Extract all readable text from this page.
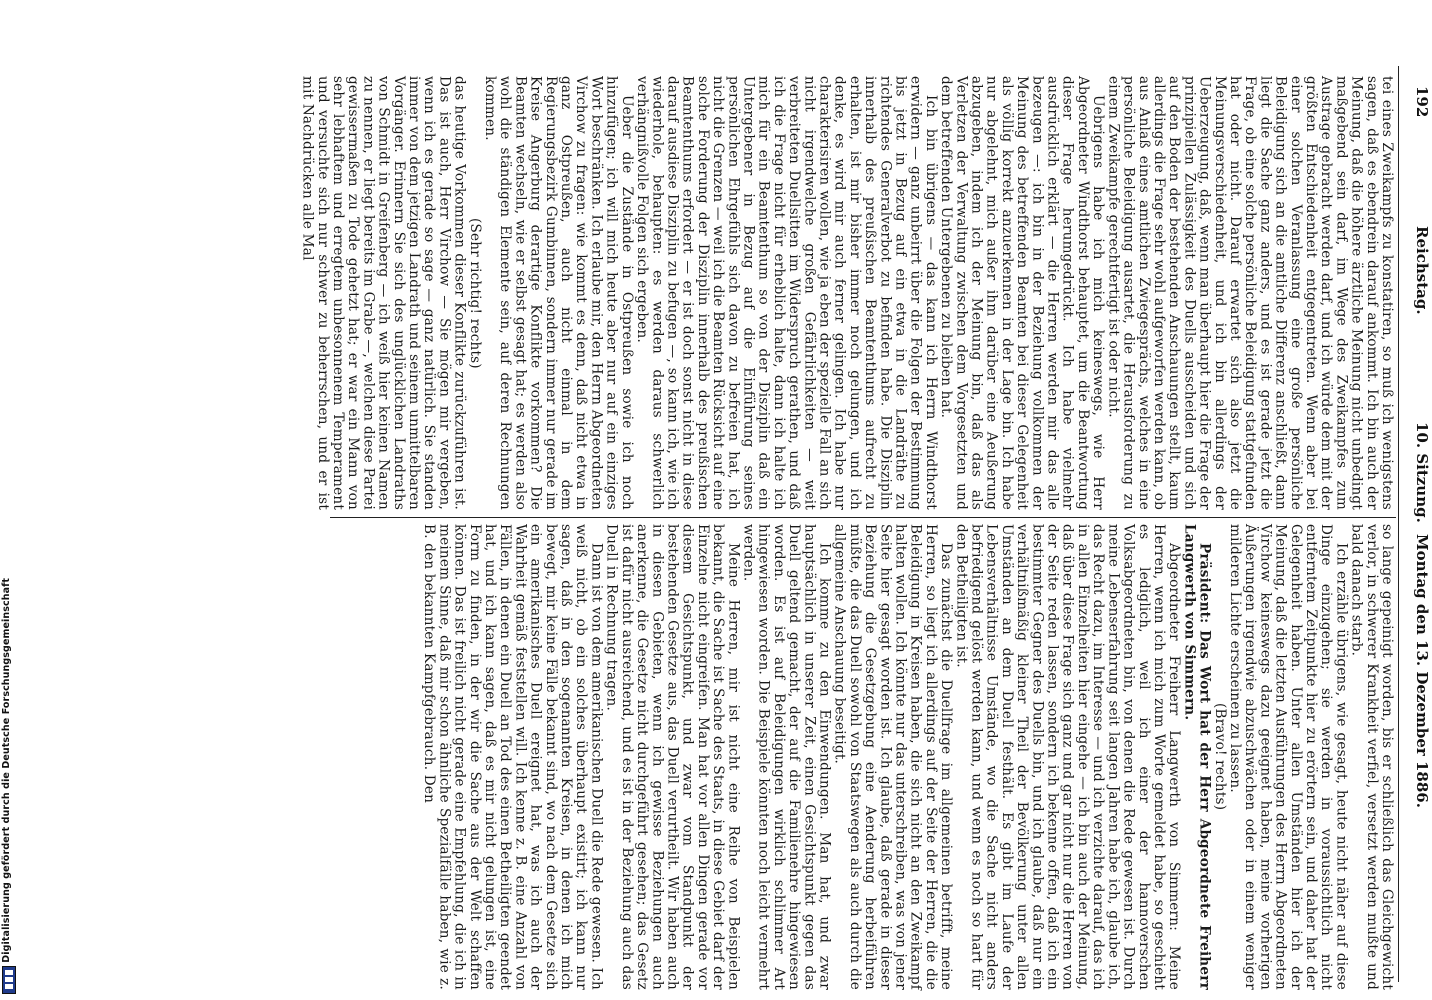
192
Reichstag.
10. Sitzung.
Montag den 13. Dezember 1886.

tei eines Zweikampfs zu konstatiren, so muß ich wenigstens sagen, daß es ebendrein darauf ankommt. Ich bin auch der Meinung, daß die höhere ärztliche Meinung nicht unbedingt maßgebend sein darf, im Wege des Zweikampfes zum Austrage gebracht werden darf, und ich würde dem mit der größten Entschiedenheit entgegentreten. Wenn aber bei einer solchen Veranlassung eine große persönliche Beleidigung sich an die amtliche Differenz anschließt, dann liegt die Sache ganz anders, und es ist gerade jetzt die Frage, ob eine solche persönliche Beleidigung stattgefunden hat oder nicht. Darauf erwartet sich also jetzt die Meinungsverschiedenheit, und ich bin allerdings der Ueberzeugung, daß, wenn man überhaupt hier die Frage der prinzipiellen Zulässigkeit des Duells ausscheiden und sich auf den Boden der bestehenden Anschauungen stellt, kaum allerdings die Frage sehr wohl aufgeworfen werden kann, ob aus Anlaß eines amtlichen Zwiegesprächs, welches in eine persönliche Beleidigung ausartet, die Herausforderung zu einem Zweikampfe gerechtfertigt ist oder nicht.

Uebrigens habe ich mich keineswegs, wie Herr Abgeordneter Windthorst behauptet, um die Beantwortung dieser Frage herumgedrückt. Ich habe vielmehr ausdrücklich erklärt — die Herren werden mir das alle bezeugen —: ich bin in der Beziehung vollkommen der Meinung des betreffenden Beamten bei dieser Gelegenheit als völlig korrekt anzuerkennen in der Lage bin. Ich habe nur abgelehnt, mich außer ihm darüber eine Aeußerung abzugeben, indem ich der Meinung bin, daß das als Verletzen der Verwaltung zwischen dem Vorgesetzten und dem betreffenden Untergebenen zu bleiben hat.

Ich bin übrigens — das kann ich Herrn Windthorst erwidern — ganz unbeirrt über die Folgen der Bestimmung bis jetzt in Bezug auf ein etwa in die Landräthe zu richtendes Generalverbot zu befinden habe. Die Disziplin innerhalb des preußischen Beamtenthums aufrecht zu erhalten, ist mir bisher immer noch gelungen, und ich denke, es wird mir auch ferner gelingen. Ich habe nur charakterisiren wollen, wie ja eben der spezielle Fall an sich nicht irgendwelche großen Gefährlichkeiten — weit verbreiteten Duellsitten im Widerspruch gerathen, und daß ich die Frage nicht für erheblich halte, dann ich halte ich mich für ein Beamtenthum so von der Disziplin daß ein Untergebener in Bezug auf die Einführung seines persönlichen Ehrgefühls sich davon zu befreien hat, ich nicht die Grenzen — weil ich die Beamten Rücksicht auf eine solche Forderung der Disziplin innerhalb des preußischen Beamtenthums erfordert — er ist doch sonst nicht in diese darauf ausdiese Disziplin zu befugen —, so kann ich, wie ich wiederhole, behaupten: es werden daraus schwerlich verhängnißvolle Folgen sich ergeben.

Ueber die Zustände in Ostpreußen sowie ich noch hinzufügen; ich will mich heute aber nur auf ein einziges Wort beschränken. Ich erlaube mir, den Herrn Abgeordneten Virchow zu fragen: wie kommt es denn, daß nicht etwa in ganz Ostpreußen, auch nicht einmal in dem Regierungsbezirk Gumbinnen, sondern immer nur gerade im Kreise Angerburg derartige Konflikte vorkommen? Die Beamten wechseln, wie er selbst gesagt hat; es werden also wohl die ständigen Elemente sein, auf deren Rechnungen kommen.

(Sehr richtig! rechts)

das heutige Vorkommen dieser Konflikte zurückzuführen ist. Das ist auch, Herr Virchow — Sie mögen mir vergeben, wenn ich es gerade so sage — ganz natürlich. Sie standen immer von dem jetzigen Landrath und seinem unmittelbaren Vorgänger. Erinnern Sie sich des unglücklichen Landraths von Schmidt in Greifenberg — ich weiß hier keinen Namen zu nennen, er liegt bereits im Grabe —, welchen diese Partei gewissermaßen zu Tode gehetzt hat; er war ein Mann von sehr lebhaftem und erregtem unbesonnenem Temperament und versuchte sich nur schwer zu beherrschen, und er ist mit Nachdrücken alle Mal

so lange gepeinigt worden, bis er schließlich das Gleichgewicht verlor, in schwerer Krankheit verfiel, versetzt werden mußte und bald danach starb.

Ich erzähle übrigens, wie gesagt, heute nicht näher auf diese Dinge einzugehen; sie werden in voraussichtlich nicht entferntem Zeitpunkte hier zu erörtern sein, und daher hat der Gelegenheit haben. Unter allen Umständen hier ich der Meinung, daß die letzten Ausführungen des Herrn Abgeordneten Virchow keineswegs dazu geeignet haben, meine vorherigen Äußerungen irgendwie abzuschwächen oder in einem weniger milderen Lichte erscheinen zu lassen.

(Bravo! rechts)

Präsident: Das Wort hat der Herr Abgeordnete Freiherr Langwerth von Simmern.

Abgeordneter Freiherr Langwerth von Simmern: Meine Herren, wenn ich mich zum Worte gemeldet habe, so geschieht es lediglich, weil ich einer der hannoverschen Volksabgeordneten bin, von denen die Rede gewesen ist. Durch meine Lebenserfahrung seit langen Jahren habe ich, glaube ich, das Recht dazu, im Interesse — und ich verzichte darauf, das ich in allen Einzelheiten hier eingehe — ich bin auch der Meinung, daß über diese Frage sich ganz und gar nicht nur die Herren von der Seite reden lassen, sondern ich bekenne offen, daß ich ein bestimmter Gegner des Duells bin, und ich glaube, daß nur ein verhältnißmäßig kleiner Theil der Bevölkerung unter allen Umständen an dem Duell festhält. Es gibt im Laufe der Lebensverhältnisse Umstände, wo die Sache nicht anders befriedigend gelöst werden kann, und wenn es noch so hart für den Betheiligten ist.

Das zunächst die Duellfrage im allgemeinen betrifft, meine Herren, so liegt ich allerdings auf der Seite der Herren, die die Beleidigung in Kreisen haben, die sich nicht an den Zweikampf halten wollen. Ich könnte nur das unterschreiben, was von jener Seite hier gesagt worden ist. Ich glaube, daß gerade in dieser Beziehung die Gesetzgebung eine Aenderung herbeiführen müßte, die das Duell sowohl von Staatswegen als auch durch die allgemeine Anschauung beseitigt.

Ich komme zu den Einwendungen. Man hat, und zwar hauptsächlich in unserer Zeit, einen Gesichtspunkt gegen das Duell geltend gemacht, der auf die Familienehre hingewiesen worden. Es ist auf Beleidigungen wirklich schlimmer Art hingewiesen worden. Die Beispiele könnten noch leicht vermehrt werden.

Meine Herren, mir ist nicht eine Reihe von Beispielen bekannt, die Sache ist Sache des Staats, in diese Gebiet darf der Einzelne nicht eingreifen. Man hat vor allen Dingen gerade vor diesem Gesichtspunkt, und zwar vom Standpunkt der bestehenden Gesetze aus, das Duell verurtheilt. Wir haben auch in diesen Gebieten, wenn ich gewisse Beziehungen auch anerkenne, die Gesetze nicht durchgeführt gesehen; das Gesetz ist dafür nicht ausreichend, und es ist in der Beziehung auch das Duell in Rechnung tragen.

Dann ist von dem amerikanischen Duell die Rede gewesen. Ich weiß nicht, ob ein solches überhaupt existirt; ich kann nur sagen, daß in den sogenannten Kreisen, in denen ich mich bewegt, mir keine Fälle bekannt sind, wo nach dem Gesetze sich ein amerikanisches Duell ereignet hat, was ich auch der Wahrheit gemäß feststellen will. Ich kenne z. B. eine Anzahl von Fällen, in denen ein Duell an Tod des einen Betheiligten geendet hat, und ich kann sagen, daß es mir nicht gelungen ist, eine Form zu finden, in der wir die Sache aus der Welt schaffen können. Das ist freilich nicht gerade eine Empfehlung, die ich in meinem Sinne, daß mir schon ähnliche Spezialfälle haben, wie z. B. den bekannten Kampfgebrauch. Den

Digitalisierung gefördert durch die Deutsche Forschungsgemeinschaft
